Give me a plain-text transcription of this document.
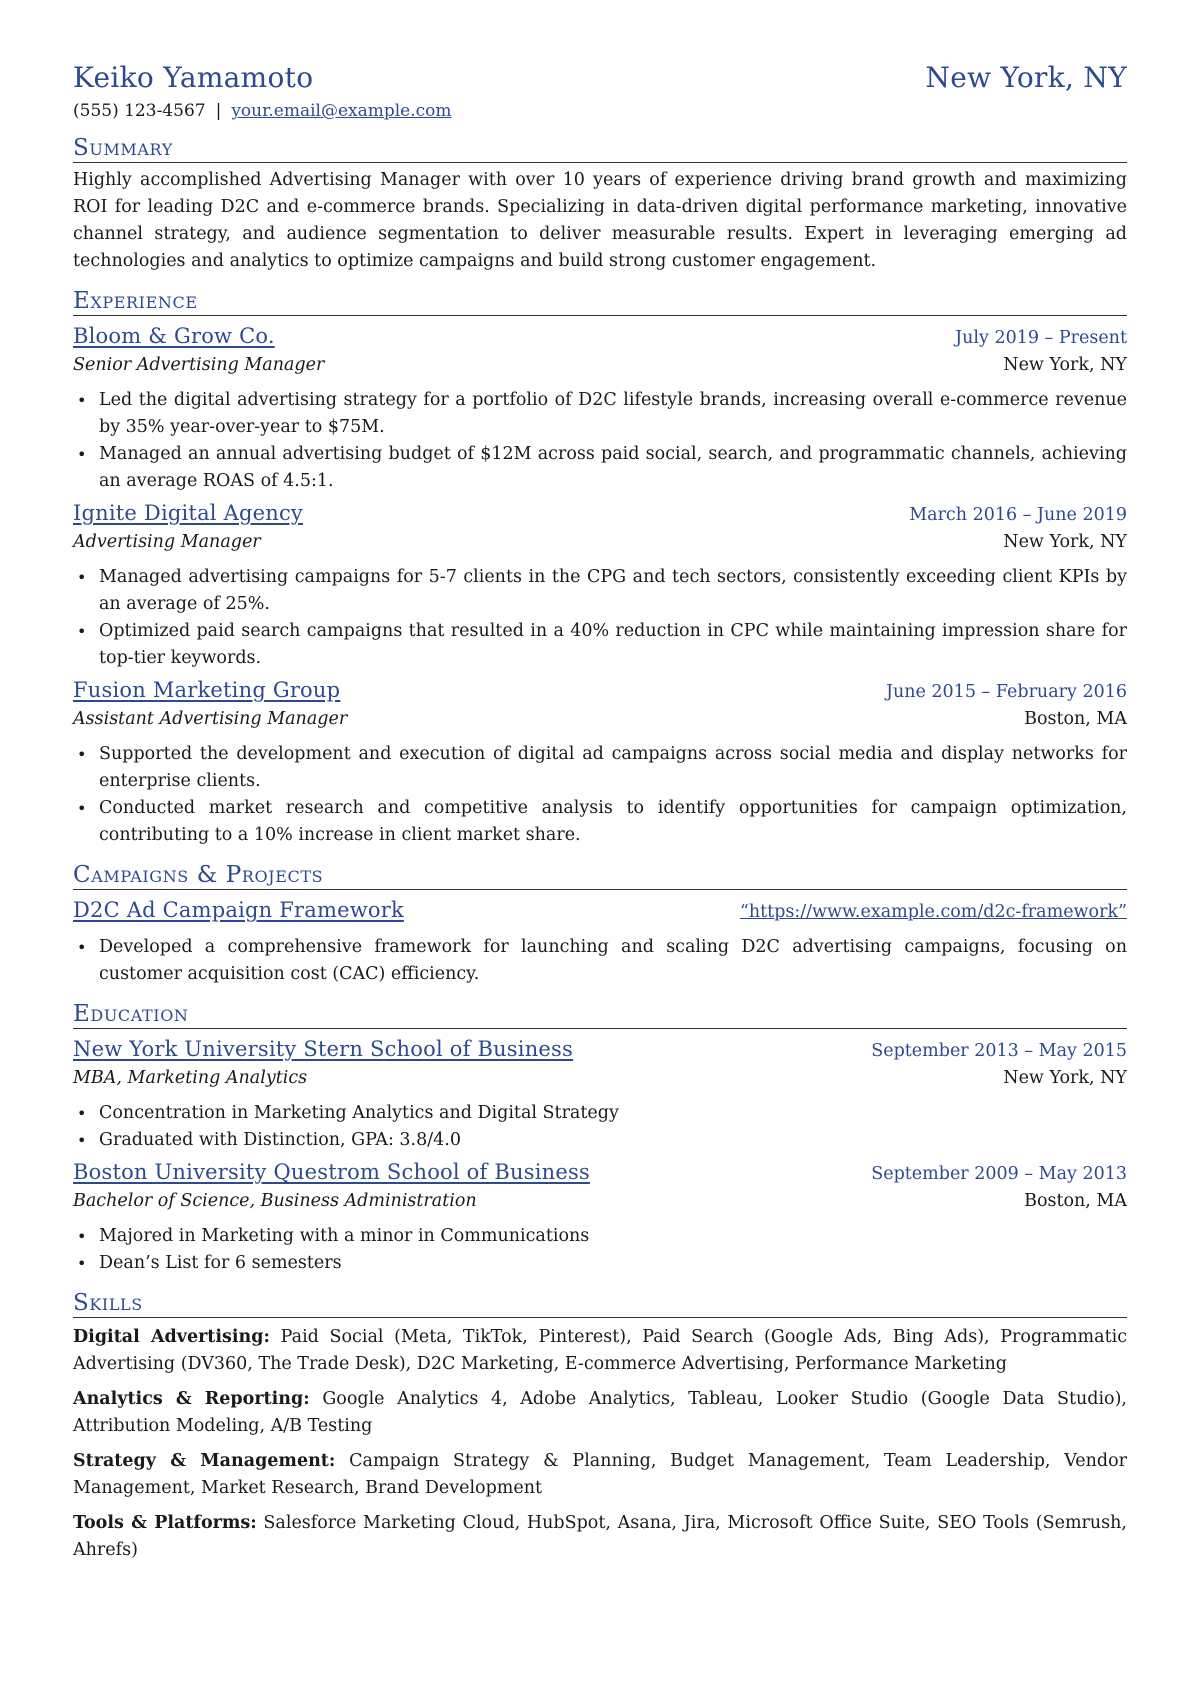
Keiko Yamamoto	New York, NY
(555) 123-4567 | your.email@example.com
Summary
Highly accomplished Advertising Manager with over 10 years of experience driving brand growth and maximizing ROI for leading D2C and e-commerce brands. Specializing in data-driven digital performance marketing, innovative channel strategy, and audience segmentation to deliver measurable results. Expert in leveraging emerging ad technologies and analytics to optimize campaigns and build strong customer engagement.
Experience
Bloom & Grow Co.	July 2019 – Present
Senior Advertising Manager	New York, NY
• Led the digital advertising strategy for a portfolio of D2C lifestyle brands, increasing overall e-commerce revenue by 35% year-over-year to $75M.
• Managed an annual advertising budget of $12M across paid social, search, and programmatic channels, achieving an average ROAS of 4.5:1.
Ignite Digital Agency	March 2016 – June 2019
Advertising Manager	New York, NY
• Managed advertising campaigns for 5-7 clients in the CPG and tech sectors, consistently exceeding client KPIs by an average of 25%.
• Optimized paid search campaigns that resulted in a 40% reduction in CPC while maintaining impression share for top-tier keywords.
Fusion Marketing Group	June 2015 – February 2016
Assistant Advertising Manager	Boston, MA
• Supported the development and execution of digital ad campaigns across social media and display networks for enterprise clients.
• Conducted market research and competitive analysis to identify opportunities for campaign optimization, contributing to a 10% increase in client market share.
Campaigns & Projects
D2C Ad Campaign Framework	“https://www.example.com/d2c-framework”
• Developed a comprehensive framework for launching and scaling D2C advertising campaigns, focusing on customer acquisition cost (CAC) efficiency.
Education
New York University Stern School of Business	September 2013 – May 2015
MBA, Marketing Analytics	New York, NY
• Concentration in Marketing Analytics and Digital Strategy
• Graduated with Distinction, GPA: 3.8/4.0
Boston University Questrom School of Business	September 2009 – May 2013
Bachelor of Science, Business Administration	Boston, MA
• Majored in Marketing with a minor in Communications
• Dean’s List for 6 semesters
Skills
Digital Advertising: Paid Social (Meta, TikTok, Pinterest), Paid Search (Google Ads, Bing Ads), Programmatic Advertising (DV360, The Trade Desk), D2C Marketing, E-commerce Advertising, Performance Marketing
Analytics & Reporting: Google Analytics 4, Adobe Analytics, Tableau, Looker Studio (Google Data Studio), Attribution Modeling, A/B Testing
Strategy & Management: Campaign Strategy & Planning, Budget Management, Team Leadership, Vendor Management, Market Research, Brand Development
Tools & Platforms: Salesforce Marketing Cloud, HubSpot, Asana, Jira, Microsoft Office Suite, SEO Tools (Semrush, Ahrefs)
